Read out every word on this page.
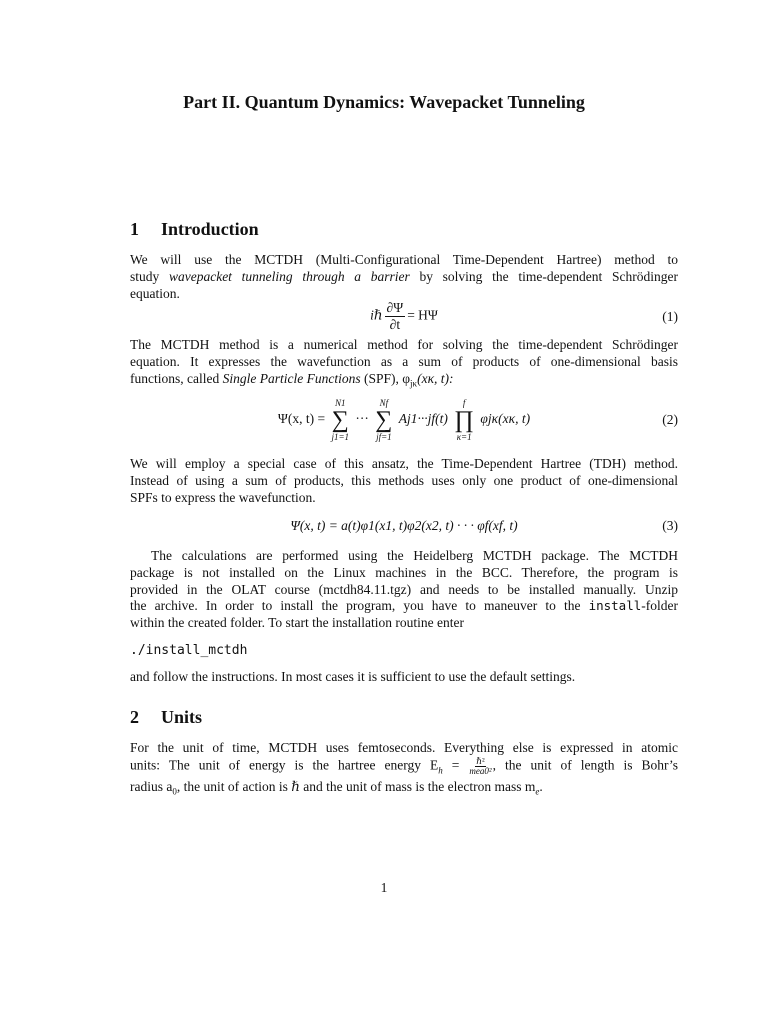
Part II. Quantum Dynamics: Wavepacket Tunneling
1 Introduction
We will use the MCTDH (Multi-Configurational Time-Dependent Hartree) method to
study wavepacket tunneling through a barrier by solving the time-dependent Schrödinger
equation.
iℏ $\frac{\partial\Psi}{\partial t} = H\Psi$	(1)
The MCTDH method is a numerical method for solving the time-dependent Schrödinger
equation. It expresses the wavefunction as a sum of products of one-dimensional basis
functions, called Single Particle Functions (SPF), $\varphi_{j\kappa}(x\kappa$, t):
Ψ(x, t) =
N1
∑
j1=1
···
Nf
∑
jf=1
Aj1···jf(t)
f
∏
κ=1
φjκ(xκ, t)	(2)
We will employ a special case of this ansatz, the Time-Dependent Hartree (TDH) method.
Instead of using a sum of products, this methods uses only one product of one-dimensional
SPFs to express the wavefunction.
Ψ(x, t) = a(t)φ1(x1, t)φ2(x2, t) · · · φf(xf, t)	(3)
The calculations are performed using the Heidelberg MCTDH package. The MCTDH
package is not installed on the Linux machines in the BCC. Therefore, the program is
provided in the OLAT course (mctdh84.11.tgz) and needs to be installed manually. Unzip
the archive. In order to install the program, you have to maneuver to the install-folder
within the created folder. To start the installation routine enter
./install_mctdh
and follow the instructions. In most cases it is sufficient to use the default settings.
2 Units
For the unit of time, MCTDH uses femtoseconds. Everything else is expressed in atomic
units: The unit of energy is the hartree energy $E_h$ = ℏ²
mea0² , the unit of length is Bohr’s
radius $a_0$, the unit of action is ℏ and the unit of mass is the electron mass $m_e$.
1
